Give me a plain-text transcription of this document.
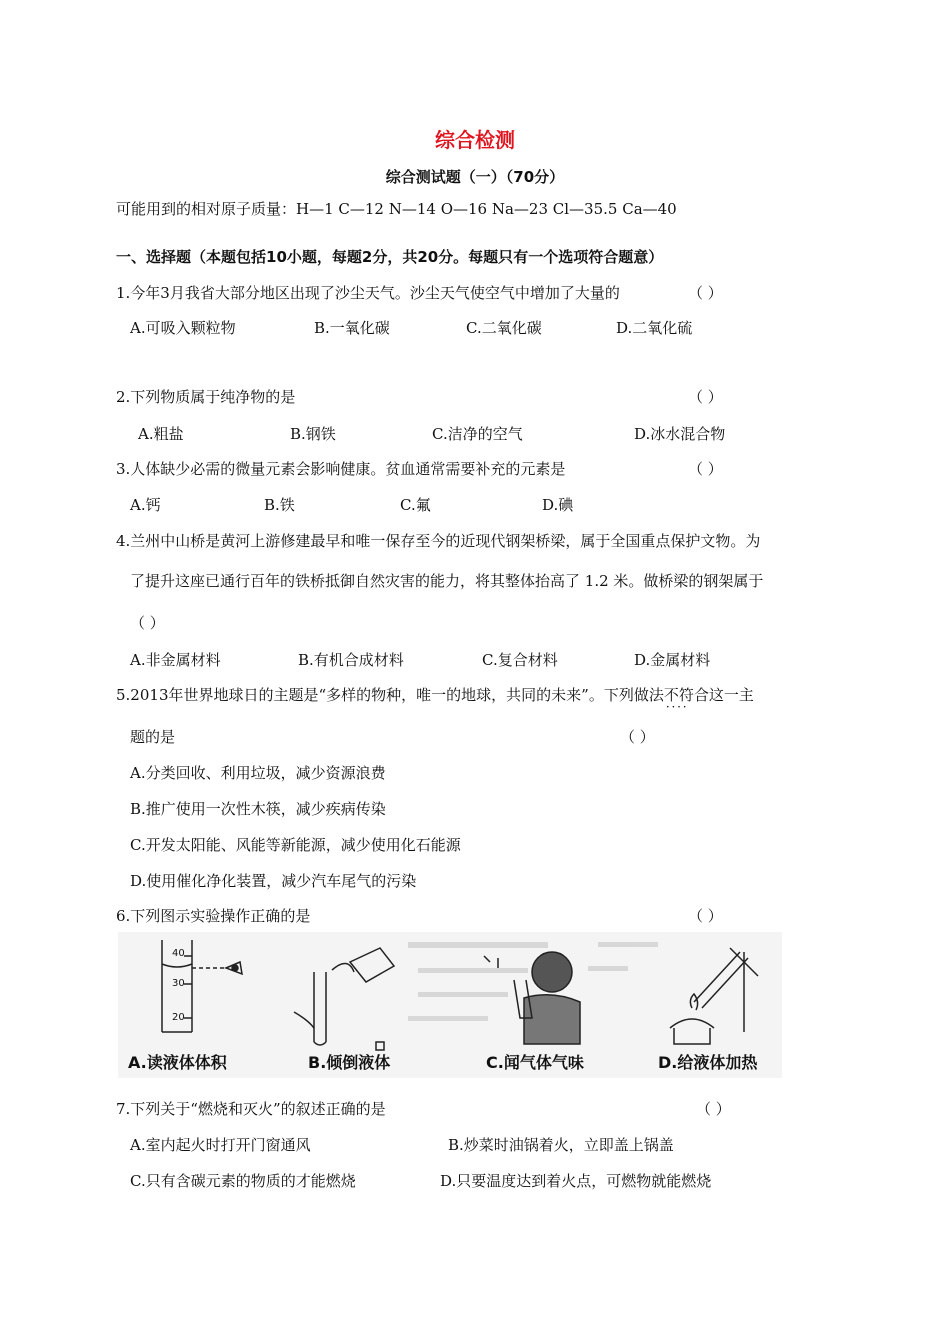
综合检测
综合测试题（一）（70分）
可能用到的相对原子质量：H—1 C—12 N—14 O—16 Na—23 Cl—35.5 Ca—40
一、选择题（本题包括10小题，每题2分，共20分。每题只有一个选项符合题意）
1.今年3月我省大部分地区出现了沙尘天气。沙尘天气使空气中增加了大量的	（ ）
A.可吸入颗粒物	B.一氧化碳	C.二氧化碳	D.二氧化硫
2.下列物质属于纯净物的是	（ ）
A.粗盐	B.钢铁	C.洁净的空气	D.冰水混合物
3.人体缺少必需的微量元素会影响健康。贫血通常需要补充的元素是	（ ）
A.钙	B.铁	C.氟	D.碘
4.兰州中山桥是黄河上游修建最早和唯一保存至今的近现代钢架桥梁，属于全国重点保护文物。为
了提升这座已通行百年的铁桥抵御自然灾害的能力，将其整体抬高了 1.2 米。做桥梁的钢架属于
（ ）
A.非金属材料	B.有机合成材料	C.复合材料	D.金属材料
5.2013年世界地球日的主题是“多样的物种，唯一的地球，共同的未来”。下列做法不符合 · · 这一主
题的是	（ ）
A.分类回收、利用垃圾，减少资源浪费
B.推广使用一次性木筷，减少疾病传染
C.开发太阳能、风能等新能源，减少使用化石能源
D.使用催化净化装置，减少汽车尾气的污染
6.下列图示实验操作正确的是	（ ）
40
30
20
A.读液体体积	B.倾倒液体	C.闻气体气味	D.给液体加热
7.下列关于“燃烧和灭火”的叙述正确的是	（ ）
A.室内起火时打开门窗通风	B.炒菜时油锅着火，立即盖上锅盖
C.只有含碳元素的物质的才能燃烧	D.只要温度达到着火点，可燃物就能燃烧
